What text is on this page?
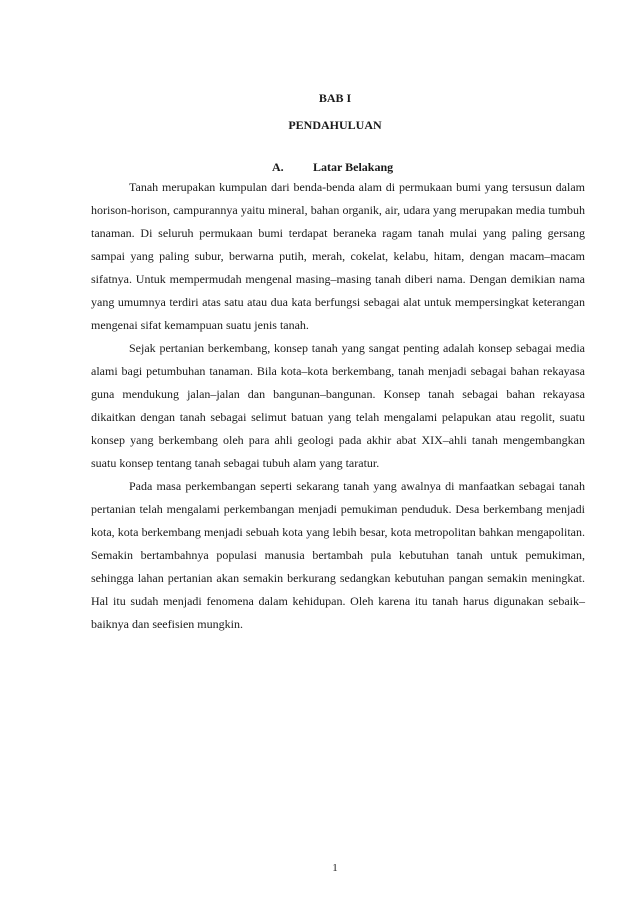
BAB I
PENDAHULUAN
A. Latar Belakang

Tanah merupakan kumpulan dari benda-benda alam di permukaan bumi yang tersusun dalam horison-horison, campurannya yaitu mineral, bahan organik, air, udara yang merupakan media tumbuh tanaman. Di seluruh permukaan bumi terdapat beraneka ragam tanah mulai yang paling gersang sampai yang paling subur, berwarna putih, merah, cokelat, kelabu, hitam, dengan macam–macam sifatnya. Untuk mempermudah mengenal masing–masing tanah diberi nama. Dengan demikian nama yang umumnya terdiri atas satu atau dua kata berfungsi sebagai alat untuk mempersingkat keterangan mengenai sifat kemampuan suatu jenis tanah.

Sejak pertanian berkembang, konsep tanah yang sangat penting adalah konsep sebagai media alami bagi petumbuhan tanaman. Bila kota–kota berkembang, tanah menjadi sebagai bahan rekayasa guna mendukung jalan–jalan dan bangunan–bangunan. Konsep tanah sebagai bahan rekayasa dikaitkan dengan tanah sebagai selimut batuan yang telah mengalami pelapukan atau regolit, suatu konsep yang berkembang oleh para ahli geologi pada akhir abat XIX–ahli tanah mengembangkan suatu konsep tentang tanah sebagai tubuh alam yang taratur.

Pada masa perkembangan seperti sekarang tanah yang awalnya di manfaatkan sebagai tanah pertanian telah mengalami perkembangan menjadi pemukiman penduduk. Desa berkembang menjadi kota, kota berkembang menjadi sebuah kota yang lebih besar, kota metropolitan bahkan mengapolitan. Semakin bertambahnya populasi manusia bertambah pula kebutuhan tanah untuk pemukiman, sehingga lahan pertanian akan semakin berkurang sedangkan kebutuhan pangan semakin meningkat. Hal itu sudah menjadi fenomena dalam kehidupan. Oleh karena itu tanah harus digunakan sebaik–baiknya dan seefisien mungkin.

1
